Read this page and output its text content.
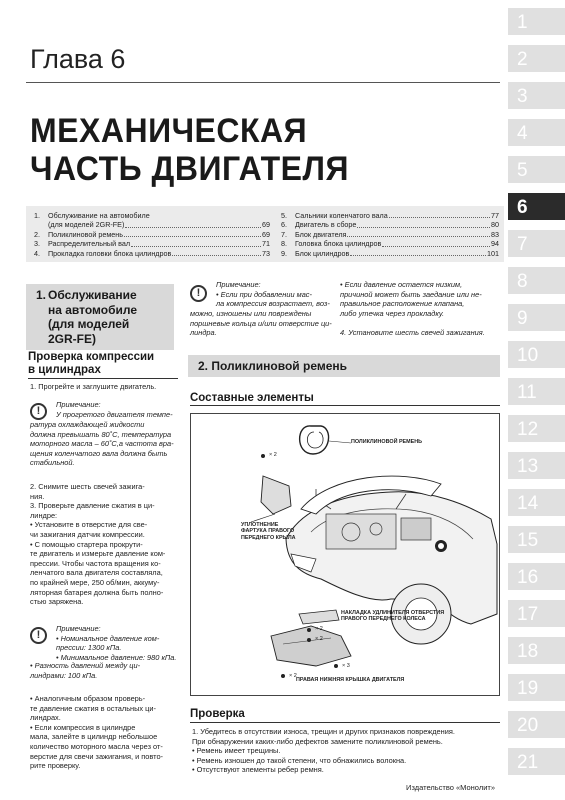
Глава 6
МЕХАНИЧЕСКАЯ
ЧАСТЬ ДВИГАТЕЛЯ
1
2
3
4
5
6
7
8
9
10
11
12
13
14
15
16
17
18
19
20
21
1.	Обслуживание на автомобиле
(для моделей 2GR-FE)	69
2.	Поликлиновой ремень	69
3.	Распределительный вал	71
4.	Прокладка головки блока цилиндров	73
5.	Сальники коленчатого вала	77
6.	Двигатель в сборе	80
7.	Блок двигателя	83
8.	Головка блока цилиндров	94
9.	Блок цилиндров	101
1. Обслуживание
на автомобиле
(для моделей
2GR-FE)
Проверка компрессии
в цилиндрах

1. Прогрейте и заглушите двигатель.

!

Примечание:

У прогретого двигателя темпе-

ратура охлаждающей жидкости

должна превышать 80˚С, температура

моторного масла – 60˚С,а частота вра-

щения коленчатого вала должна быть

стабильной.

2. Снимите шесть свечей зажига-

ния.

3. Проверьте давление сжатия в ци-

линдре:

• Установите в отверстие для све-

чи зажигания датчик компрессии.

• С помощью стартера прокрути-

те двигатель и измерьте давление ком-

прессии. Чтобы частота вращения ко-

ленчатого вала двигателя составляла,

по крайней мере, 250 об/мин, аккуму-

ляторная батарея должна быть полно-

стью заряжена.

!

Примечание:

• Номинальное давление ком-

прессии: 1300 кПа.

• Минимальное давление: 980 кПа.

• Разность давлений между ци-

линдрами: 100 кПа.

• Аналогичным образом проверь-

те давление сжатия в остальных ци-

линдрах.

• Если компрессия в цилиндре

мала, залейте в цилиндр небольшое

количество моторного масла через от-

верстие для свечи зажигания, и повто-

рите проверку.

!

Примечание:

• Если при добавлении мас-

ла компрессия возрастает, воз-

можно, изношены или повреждены

поршневые кольца и/или отверстие ци-

линдра.

• Если давление остается низким,

причиной может быть заедание или не-

правильное расположение клапана,

либо утечка через прокладку.

4. Установите шесть свечей зажигания.

2. Поликлиновой ремень
Составные элементы
ПОЛИКЛИНОВОЙ РЕМЕНЬ
УПЛОТНЕНИЕ
ФАРТУКА ПРАВОГО
ПЕРЕДНЕГО КРЫЛА
НАКЛАДКА УДЛИНИТЕЛЯ ОТВЕРСТИЯ
ПРАВОГО ПЕРЕДНЕГО КОЛЕСА
ПРАВАЯ НИЖНЯЯ КРЫШКА ДВИГАТЕЛЯ
× 2
× 2
× 2
× 3
× 2
Проверка

1. Убедитесь в отсутствии износа, трещин и других признаков повреждения.

При обнаружении каких-либо дефектов замените поликлиновой ремень.

• Ремень имеет трещины.

• Ремень изношен до такой степени, что обнажились волокна.

• Отсутствуют элементы ребер ремня.

Издательство «Монолит»
